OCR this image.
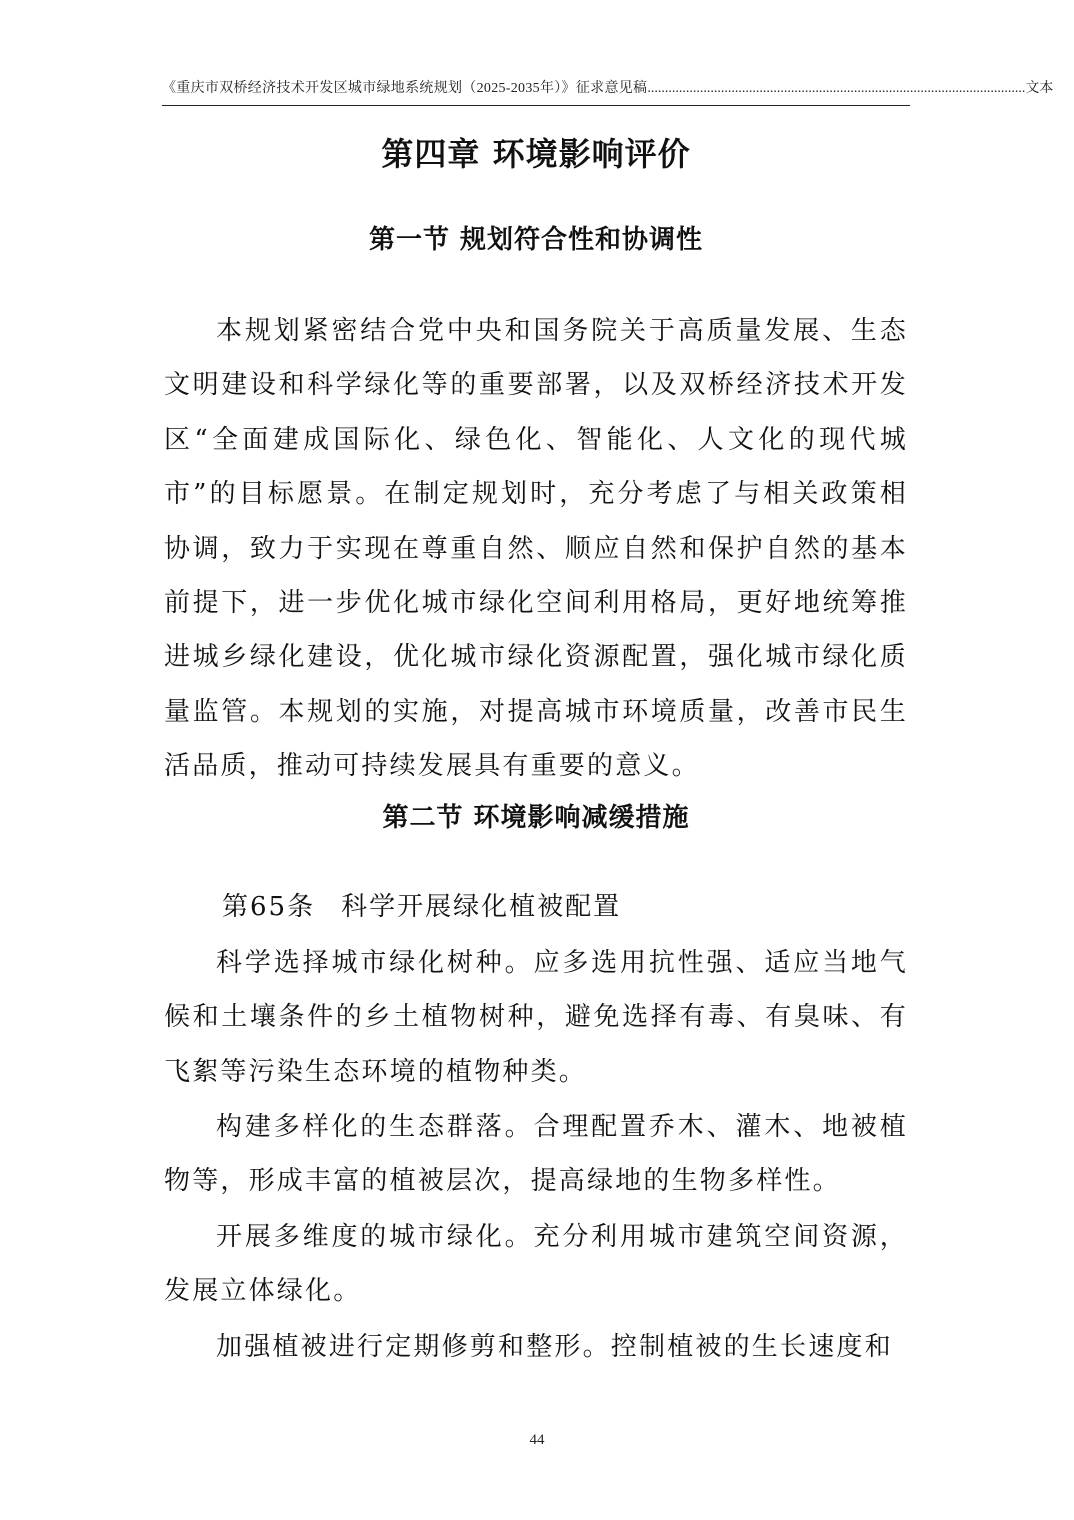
《重庆市双桥经济技术开发区城市绿地系统规划（2025-2035年）》征求意见稿 ............................................................................................................ 文本
第四章 环境影响评价
第一节 规划符合性和协调性

本规划紧密结合党中央和国务院关于高质量发展、生态文明建设和科学绿化等的重要部署，以及双桥经济技术开发区“全面建成国际化、绿色化、智能化、人文化的现代城市”的目标愿景。在制定规划时，充分考虑了与相关政策相协调，致力于实现在尊重自然、顺应自然和保护自然的基本前提下，进一步优化城市绿化空间利用格局，更好地统筹推进城乡绿化建设，优化城市绿化资源配置，强化城市绿化质量监管。本规划的实施，对提高城市环境质量，改善市民生活品质，推动可持续发展具有重要的意义。

第二节 环境影响减缓措施
第65条 科学开展绿化植被配置

科学选择城市绿化树种。应多选用抗性强、适应当地气候和土壤条件的乡土植物树种，避免选择有毒、有臭味、有飞絮等污染生态环境的植物种类。

构建多样化的生态群落。合理配置乔木、灌木、地被植物等，形成丰富的植被层次，提高绿地的生物多样性。

开展多维度的城市绿化。充分利用城市建筑空间资源，发展立体绿化。

加强植被进行定期修剪和整形。控制植被的生长速度和

44
